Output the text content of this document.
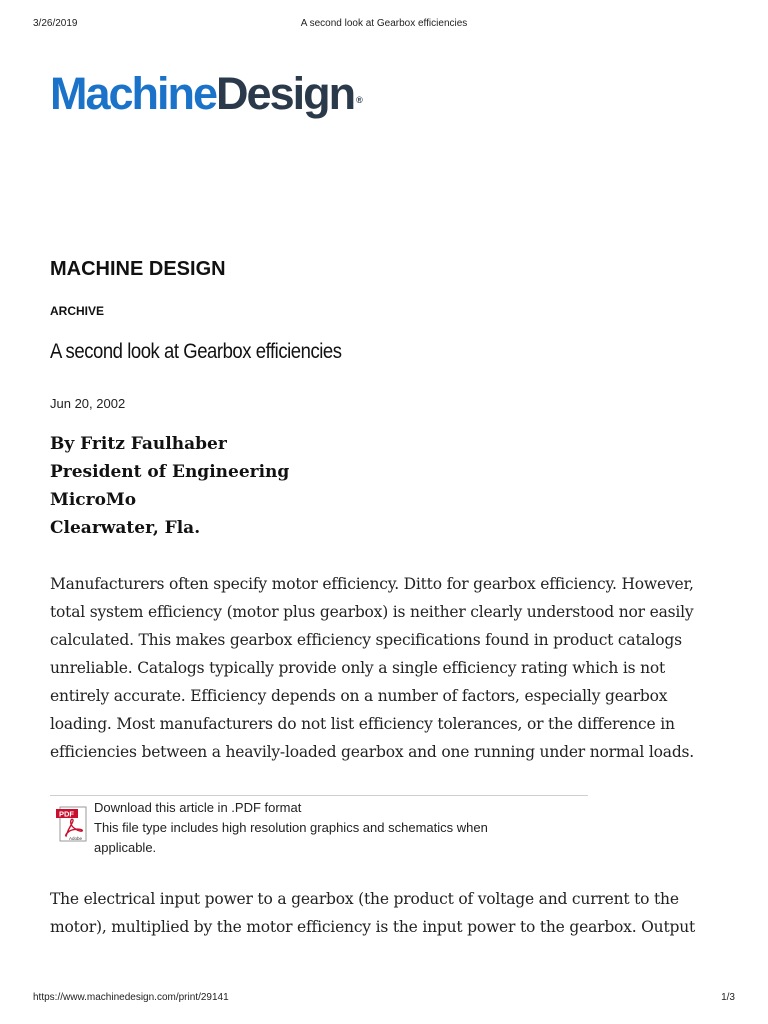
3/26/2019	A second look at Gearbox efficiencies
MachineDesign ®
MACHINE DESIGN
ARCHIVE
A second look at Gearbox efficiencies
Jun 20, 2002
By Fritz Faulhaber
President of Engineering
MicroMo
Clearwater, Fla.

Manufacturers often specify motor efficiency. Ditto for gearbox efficiency. However,
total system efficiency (motor plus gearbox) is neither clearly understood nor easily
calculated. This makes gearbox efficiency specifications found in product catalogs
unreliable. Catalogs typically provide only a single efficiency rating which is not
entirely accurate. Efficiency depends on a number of factors, especially gearbox
loading. Most manufacturers do not list efficiency tolerances, or the difference in
efficiencies between a heavily-loaded gearbox and one running under normal loads.

PDF
Adobe
Download this article in .PDF format
This file type includes high resolution graphics and schematics when
applicable.

The electrical input power to a gearbox (the product of voltage and current to the
motor), multiplied by the motor efficiency is the input power to the gearbox. Output

https://www.machinedesign.com/print/29141	1/3
